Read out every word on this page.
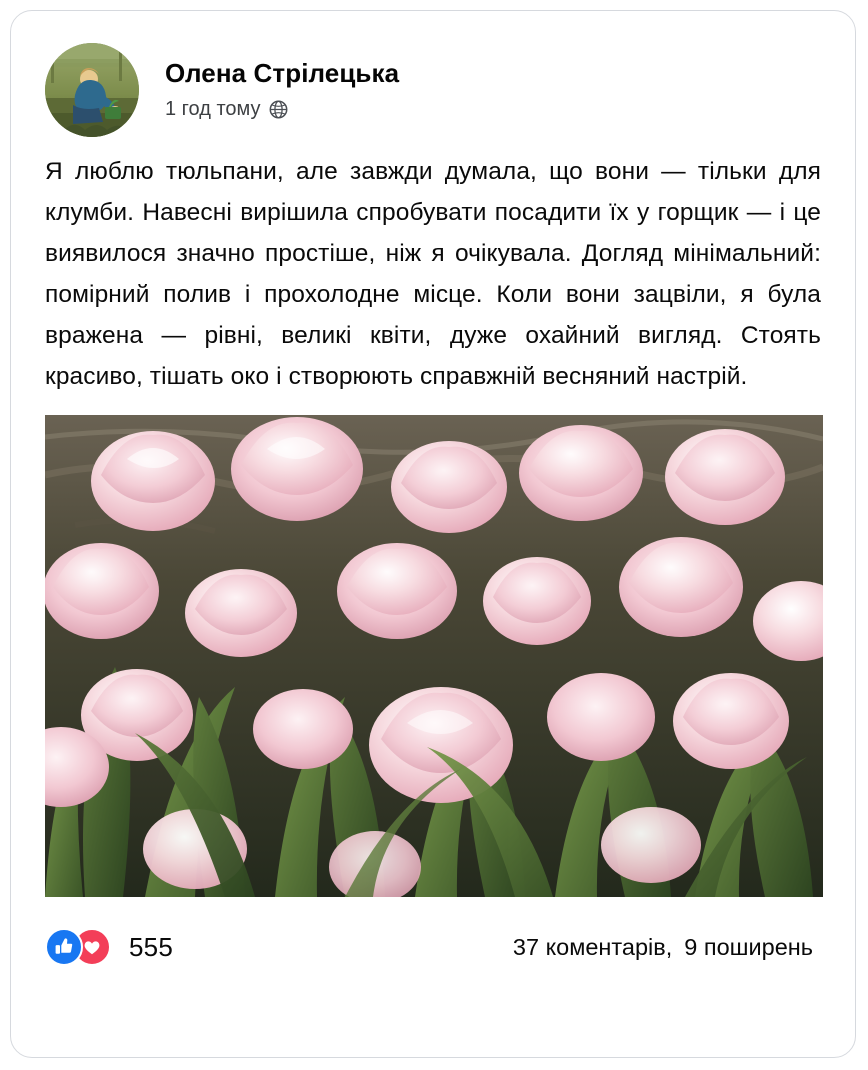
Олена Стрілецька
1 год тому
Я люблю тюльпани, але завжди думала, що вони — тільки для клумби. Навесні вирішила спробувати посадити їх у горщик — і це виявилося значно простіше, ніж я очікувала. Догляд мінімальний: помірний полив і прохолодне місце. Коли вони зацвіли, я була вражена — рівні, великі квіти, дуже охайний вигляд. Стоять красиво, тішать око і створюють справжній весняний настрій.
555	37 коментарів, 9 поширень
